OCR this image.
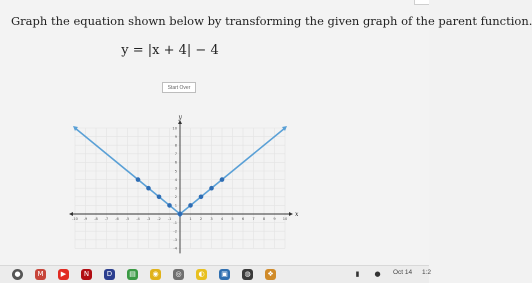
Graph the equation shown below by transforming the given graph of the parent function.
y = |x + 4| − 4
Start Over
x
y
-10 -9 -8 -7 -6 -5 -4 -3 -2 -1	1 2 3 4 5 6 7 8 9 10
10
9
8
7
6
5
4
3
2
1
-1
-2
-3
-4
Oct 14 1:2
●	M	▶	N	D	▤	◉	◎	◐	▣	◍	❖	▮	●
